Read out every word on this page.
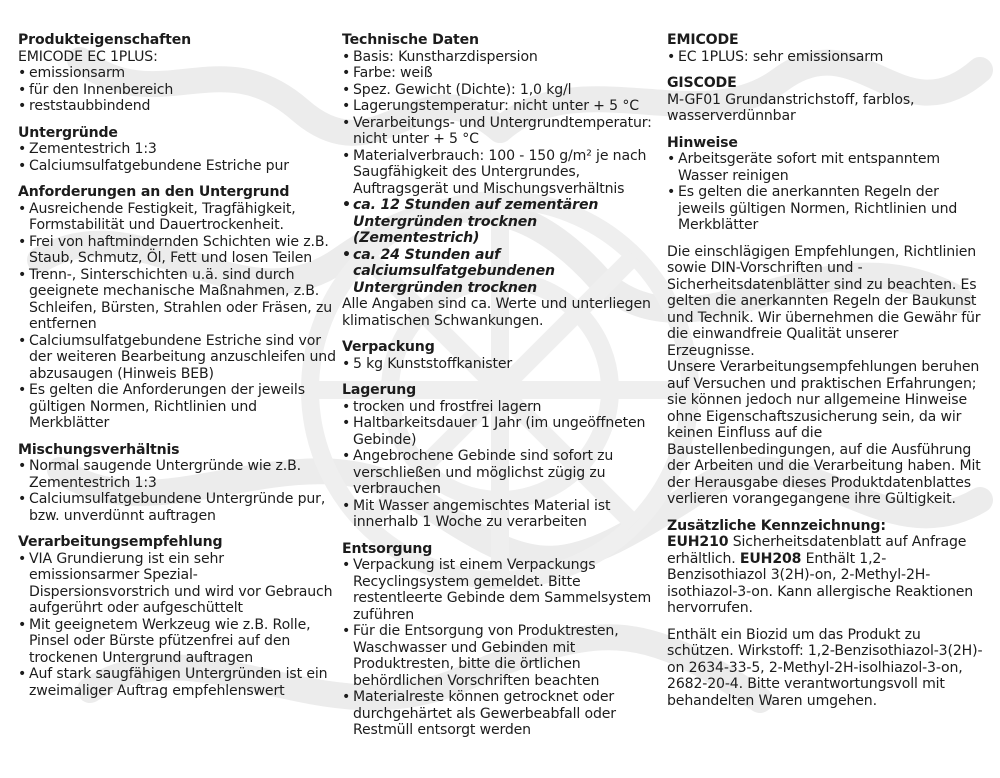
Produkteigenschaften

EMICODE EC 1PLUS:

• emissionsarm
• für den Innenbereich
• reststaubbindend

Untergründe

• Zementestrich 1:3
• Calciumsulfatgebundene Estriche pur

Anforderungen an den Untergrund

• Ausreichende Festigkeit, Tragfähigkeit, Formstabilität und Dauertrockenheit.
• Frei von haftmindernden Schichten wie z.B. Staub, Schmutz, Öl, Fett und losen Teilen
• Trenn-, Sinterschichten u.ä. sind durch geeignete mechanische Maßnahmen, z.B. Schleifen, Bürsten, Strahlen oder Fräsen, zu entfernen
• Calciumsulfatgebundene Estriche sind vor der weiteren Bearbeitung anzuschleifen und abzusaugen (Hinweis BEB)
• Es gelten die Anforderungen der jeweils gültigen Normen, Richtlinien und Merkblätter

Mischungsverhältnis

• Normal saugende Untergründe wie z.B. Zementestrich 1:3
• Calciumsulfatgebundene Untergründe pur, bzw. unverdünnt auftragen

Verarbeitungsempfehlung

• VIA Grundierung ist ein sehr emissionsarmer Spezial-Dispersionsvorstrich und wird vor Gebrauch aufgerührt oder aufgeschüttelt
• Mit geeignetem Werkzeug wie z.B. Rolle, Pinsel oder Bürste pfützenfrei auf den trockenen Untergrund auftragen
• Auf stark saugfähigen Untergründen ist ein zweimaliger Auftrag empfehlenswert

Technische Daten

• Basis: Kunstharzdispersion
• Farbe: weiß
• Spez. Gewicht (Dichte): 1,0 kg/l
• Lagerungstemperatur: nicht unter + 5 °C
• Verarbeitungs- und Untergrundtemperatur: nicht unter + 5 °C
• Materialverbrauch: 100 - 150 g/m² je nach Saugfähigkeit des Untergrundes, Auftragsgerät und Mischungsverhältnis
• ca. 12 Stunden auf zementären Untergründen trocknen (Zementestrich)
• ca. 24 Stunden auf calciumsulfatgebundenen Untergründen trocknen

Alle Angaben sind ca. Werte und unterliegen klimatischen Schwankungen.

Verpackung

• 5 kg Kunststoffkanister

Lagerung

• trocken und frostfrei lagern
• Haltbarkeitsdauer 1 Jahr (im ungeöffneten Gebinde)
• Angebrochene Gebinde sind sofort zu verschließen und möglichst zügig zu verbrauchen
• Mit Wasser angemischtes Material ist innerhalb 1 Woche zu verarbeiten

Entsorgung

• Verpackung ist einem Verpackungs Recyclingsystem gemeldet. Bitte restentleerte Gebinde dem Sammelsystem zuführen
• Für die Entsorgung von Produktresten, Waschwasser und Gebinden mit Produktresten, bitte die örtlichen behördlichen Vorschriften beachten
• Materialreste können getrocknet oder durchgehärtet als Gewerbeabfall oder Restmüll entsorgt werden

EMICODE

• EC 1PLUS: sehr emissionsarm

GISCODE

M-GF01 Grundanstrichstoff, farblos, wasserverdünnbar

Hinweise

• Arbeitsgeräte sofort mit entspanntem Wasser reinigen
• Es gelten die anerkannten Regeln der jeweils gültigen Normen, Richtlinien und Merkblätter

Die einschlägigen Empfehlungen, Richtlinien sowie DIN-Vorschriften und -Sicherheitsdatenblätter sind zu beachten. Es gelten die anerkannten Regeln der Baukunst und Technik. Wir übernehmen die Gewähr für die einwandfreie Qualität unserer Erzeugnisse.

Unsere Verarbeitungsempfehlungen beruhen auf Versuchen und praktischen Erfahrungen; sie können jedoch nur allgemeine Hinweise ohne Eigenschaftszusicherung sein, da wir keinen Einfluss auf die Baustellenbedingungen, auf die Ausführung der Arbeiten und die Verarbeitung haben. Mit der Herausgabe dieses Produktdatenblattes verlieren vorangegangene ihre Gültigkeit.

Zusätzliche Kennzeichnung:

EUH210 Sicherheitsdatenblatt auf Anfrage erhältlich. EUH208 Enthält 1,2-Benzisothiazol 3(2H)-on, 2-Methyl-2H-isothiazol-3-on. Kann allergische Reaktionen hervorrufen.

Enthält ein Biozid um das Produkt zu schützen. Wirkstoff: 1,2-Benzisothiazol-3(2H)-on 2634-33-5, 2-Methyl-2H-isolhiazol-3-on, 2682-20-4. Bitte verantwortungsvoll mit behandelten Waren umgehen.
